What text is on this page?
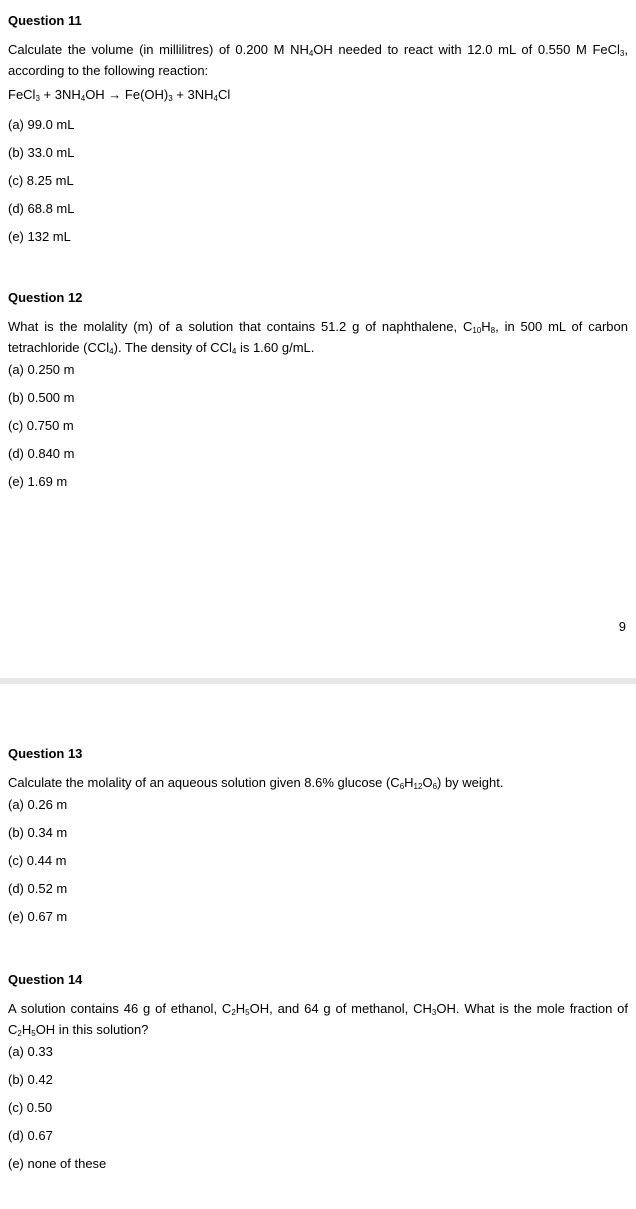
Question 11

Calculate the volume (in millilitres) of 0.200 M $NH_4OH$ needed to react with 12.0 mL of 0.550 M FeCl$_3$, according to the following reaction:

FeCl$_3$ + $3NH_4OH \to Fe(OH)_3 + 3NH_4Cl$
(a) 99.0 mL
(b) 33.0 mL
(c) 8.25 mL
(d) 68.8 mL
(e) 132 mL

Question 12

What is the molality (m) of a solution that contains 51.2 g of naphthalene, $C_{10}H_8$, in 500 mL of carbon tetrachloride (CCl$_4$). The density of CCl$_4$ is 1.60 g/mL.

(a) 0.250 m
(b) 0.500 m
(c) 0.750 m
(d) 0.840 m
(e) 1.69 m
9

Question 13

Calculate the molality of an aqueous solution given 8.6% glucose $(C_6H_{12}O_6)$ by weight.

(a) 0.26 m
(b) 0.34 m
(c) 0.44 m
(d) 0.52 m
(e) 0.67 m

Question 14

A solution contains 46 g of ethanol, $C_2H_5OH$, and 64 g of methanol, $CH_3OH$. What is the mole fraction of $C_2H_5OH$ in this solution?

(a) 0.33
(b) 0.42
(c) 0.50
(d) 0.67
(e) none of these
